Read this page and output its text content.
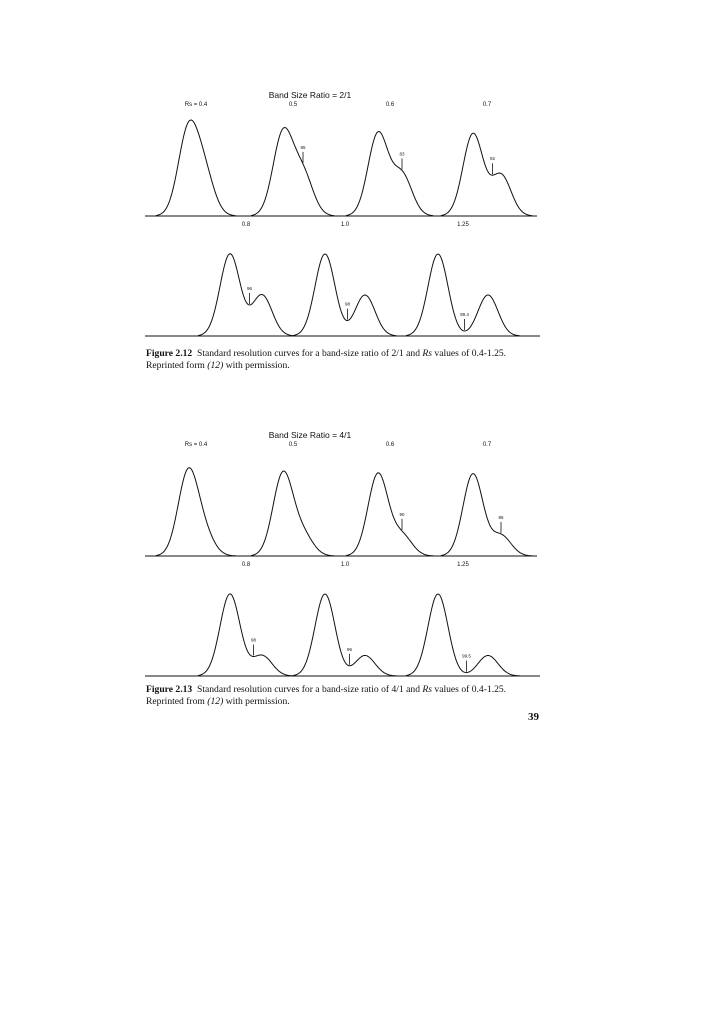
Band Size Ratio = 2/1
Rs = 0.4	0.5
85
0.6
83
0.7
92
0.8
96
1.0
98
1.25
99.4
Figure 2.12 Standard resolution curves for a band-size ratio of 2/1 and Rs values of 0.4-1.25. Reprinted form (12) with permission.
Band Size Ratio = 4/1
Rs = 0.4	0.5	0.6
90
0.7
95
0.8
98
1.0
96
1.25
99.5
Figure 2.13 Standard resolution curves for a band-size ratio of 4/1 and Rs values of 0.4-1.25. Reprinted from (12) with permission.
39
